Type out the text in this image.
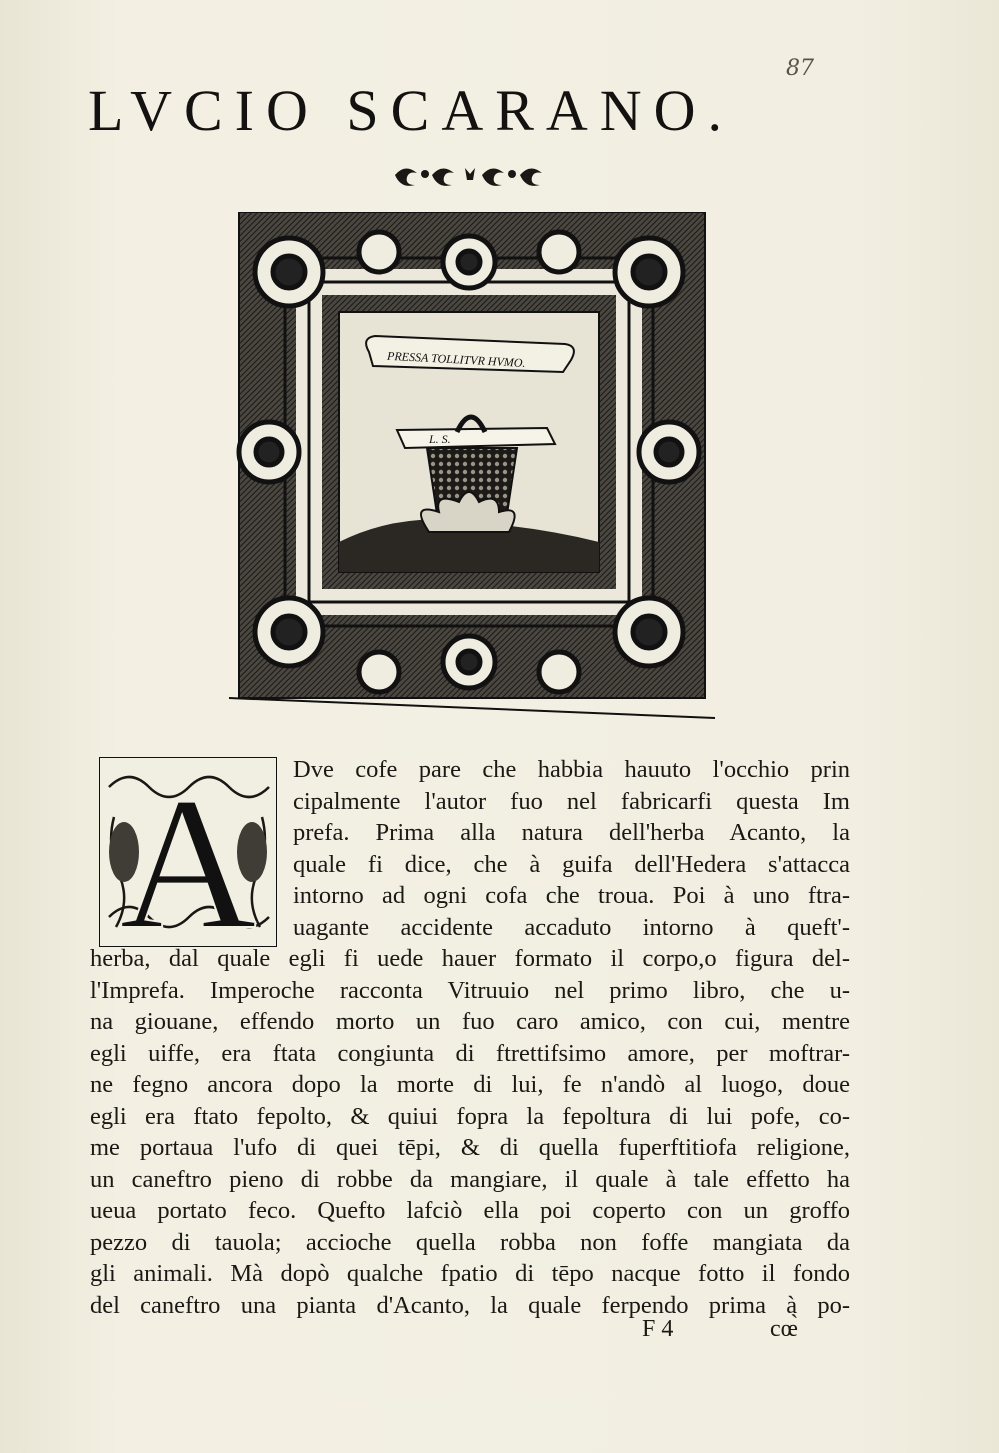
87
LVCIO SCARANO.
PRESSA TOLLITVR HVMO.
L. S.
A	Dve cofe pare che habbia hauuto l'occhio prin
cipalmente l'autor fuo nel fabricarfi questa Im
prefa. Prima alla natura dell'herba Acanto, la
quale fi dice, che à guifa dell'Hedera s'attacca
intorno ad ogni cofa che troua. Poi à uno ftra-
uagante accidente accaduto intorno à queft'-
herba, dal quale egli fi uede hauer formato il corpo,o figura del-
l'Imprefa. Imperoche racconta Vitruuio nel primo libro, che u-
na giouane, effendo morto un fuo caro amico, con cui, mentre
egli uiffe, era ftata congiunta di ftrettifsimo amore, per moftrar-
ne fegno ancora dopo la morte di lui, fe n'andò al luogo, doue
egli era ftato fepolto, & quiui fopra la fepoltura di lui pofe, co-
me portaua l'ufo di quei tēpi, & di quella fuperftitiofa religione,
un caneftro pieno di robbe da mangiare, il quale à tale effetto ha
ueua portato feco. Quefto lafciò ella poi coperto con un groffo
pezzo di tauola; accioche quella robba non foffe mangiata da
gli animali. Mà dopò qualche fpatio di tēpo nacque fotto il fondo
del caneftro una pianta d'Acanto, la quale ferpendo prima à po-
F 4	cœ̀
